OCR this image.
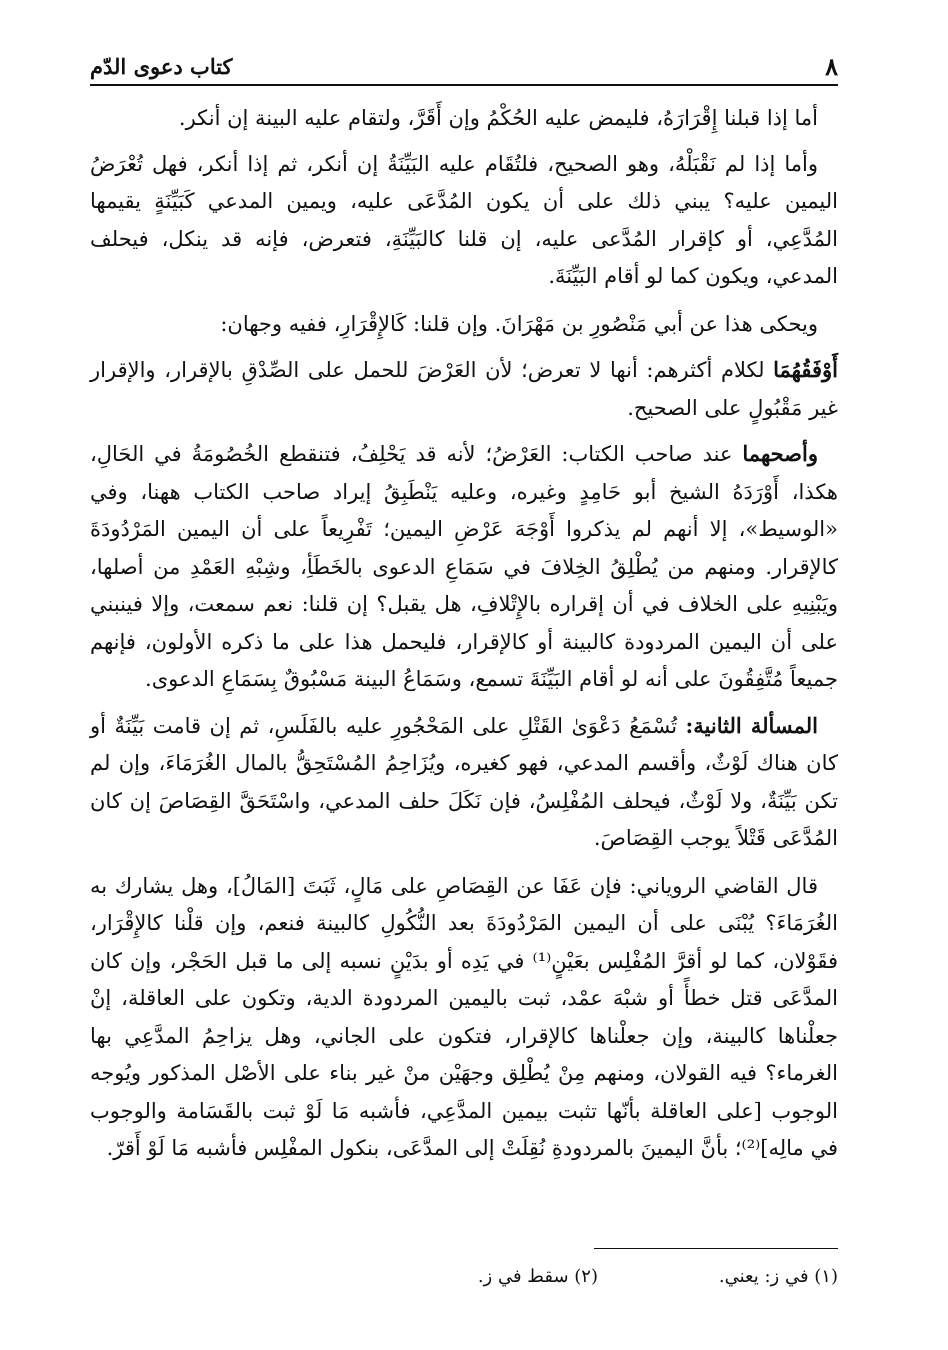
٨
كتاب دعوى الدّم

أما إذا قبلنا إِقْرَارَهُ، فليمض عليه الحُكْمُ وإن أَقَرَّ، ولتقام عليه البينة إن أنكر.

وأما إذا لم نَقْبَلْهُ، وهو الصحيح، فلتُقَام عليه البَيِّنَةُ إن أنكر، ثم إذا أنكر، فهل تُعْرَضُ اليمين عليه؟ يبني ذلك على أن يكون المُدَّعَى عليه، ويمين المدعي كَبَيِّنَةٍ يقيمها المُدَّعِي، أو كإقرار المُدَّعى عليه، إن قلنا كالبَيِّنَةِ، فتعرض، فإنه قد ينكل، فيحلف المدعي، ويكون كما لو أقام البَيِّنَةَ.

ويحكى هذا عن أبي مَنْصُورِ بن مَهْرَانَ. وإن قلنا: كَالإِقْرَارِ، ففيه وجهان:

أَوْفَقُهُمَا لكلام أكثرهم: أنها لا تعرض؛ لأن العَرْضَ للحمل على الصِّدْقِ بالإقرار، والإقرار غير مَقْبُولٍ على الصحيح.

وأصحهما عند صاحب الكتاب: العَرْضُ؛ لأنه قد يَحْلِفُ، فتنقطع الخُصُومَةُ في الحَالِ، هكذا، أَوْرَدَهُ الشيخ أبو حَامِدٍ وغيره، وعليه يَنْطَبِقُ إيراد صاحب الكتاب ههنا، وفي «الوسيط»، إلا أنهم لم يذكروا أَوْجَهَ عَرْضِ اليمين؛ تَفْرِيعاً على أن اليمين المَرْدُودَةَ كالإقرار. ومنهم من يُطْلِقُ الخِلافَ في سَمَاعِ الدعوى بالخَطَأِ، وشِبْهِ العَمْدِ من أصلها، ويَبْنِيهِ على الخلاف في أن إقراره بالإِتْلافِ، هل يقبل؟ إن قلنا: نعم سمعت، وإلا فينبني على أن اليمين المردودة كالبينة أو كالإقرار، فليحمل هذا على ما ذكره الأولون، فإنهم جميعاً مُتَّفِقُونَ على أنه لو أقام البَيِّنَةَ تسمع، وسَمَاعُ البينة مَسْبُوقٌ بِسَمَاعِ الدعوى.

المسألة الثانية: تُسْمَعُ دَعْوَىٰ القَتْلِ على المَحْجُورِ عليه بالفَلَسِ، ثم إن قامت بَيِّنَةٌ أو كان هناك لَوْثٌ، وأقسم المدعي، فهو كغيره، ويُزَاحِمُ المُسْتَحِقُّ بالمال الغُرَمَاءَ، وإن لم تكن بَيِّنَةٌ، ولا لَوْثٌ، فيحلف المُفْلِسُ، فإن نَكَلَ حلف المدعي، واسْتَحَقَّ القِصَاصَ إن كان المُدَّعَى قَتْلاً يوجب القِصَاصَ.

قال القاضي الروياني: فإن عَفَا عن القِصَاصِ على مَالٍ، ثَبَتَ [المَالُ]، وهل يشارك به الغُرَمَاءَ؟ يُبْنَى على أن اليمين المَرْدُودَةَ بعد النُّكُولِ كالبينة فنعم، وإن قلْنا كالإِقْرَار، فقَوْلان، كما لو أقرَّ المُفْلِس بعَيْنٍ⁽¹⁾ في يَدِه أو بدَيْنٍ نسبه إلى ما قبل الحَجْر، وإن كان المدَّعَى قتل خطأً أو شبْهَ عمْد، ثبت باليمين المردودة الدية، وتكون على العاقلة، إنْ جعلْناها كالبينة، وإن جعلْناها كالإقرار، فتكون على الجاني، وهل يزاحِمُ المدَّعِي بها الغرماء؟ فيه القولان، ومنهم مِنْ يُطْلِق وجهَيْن منْ غير بناء على الأصْل المذكور ويُوجه الوجوب [على العاقلة بأنّها تثبت بيمين المدَّعِي، فأشبه مَا لَوْ ثبت بالقَسَامة والوجوب في مالِه]⁽²⁾؛ بأنَّ اليمينَ بالمردودةِ نُقِلَتْ إلى المدَّعَى، بنكول المفْلِس فأشبه مَا لَوْ أَقرّ.

(١) في ز: يعني.
(٢) سقط في ز.
